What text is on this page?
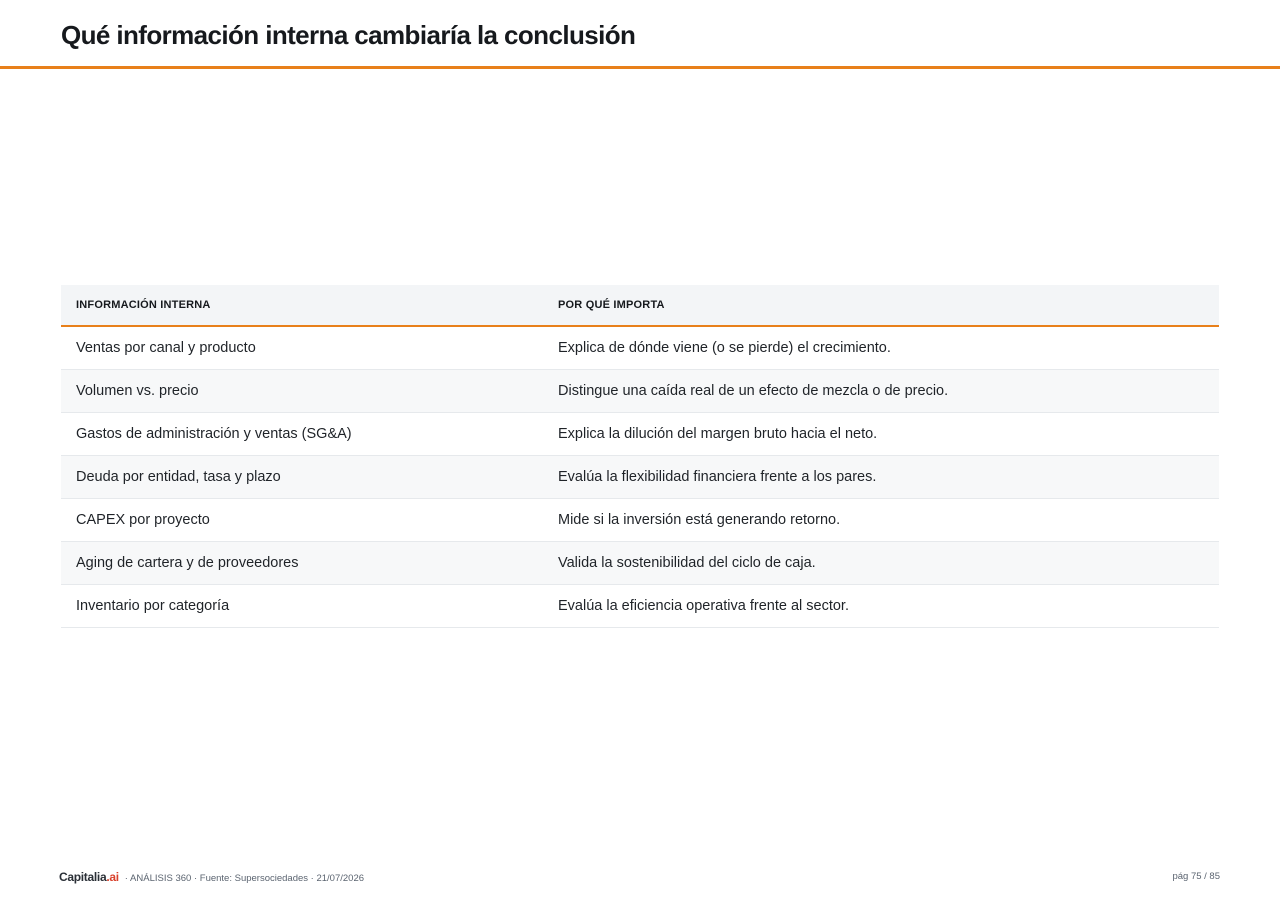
Qué información interna cambiaría la conclusión
INFORMACIÓN INTERNA	POR QUÉ IMPORTA
Ventas por canal y producto	Explica de dónde viene (o se pierde) el crecimiento.
Volumen vs. precio	Distingue una caída real de un efecto de mezcla o de precio.
Gastos de administración y ventas (SG&A)	Explica la dilución del margen bruto hacia el neto.
Deuda por entidad, tasa y plazo	Evalúa la flexibilidad financiera frente a los pares.
CAPEX por proyecto	Mide si la inversión está generando retorno.
Aging de cartera y de proveedores	Valida la sostenibilidad del ciclo de caja.
Inventario por categoría	Evalúa la eficiencia operativa frente al sector.
Capitalia.ai · ANÁLISIS 360 · Fuente: Supersociedades · 21/07/2026	pág 75 / 85
